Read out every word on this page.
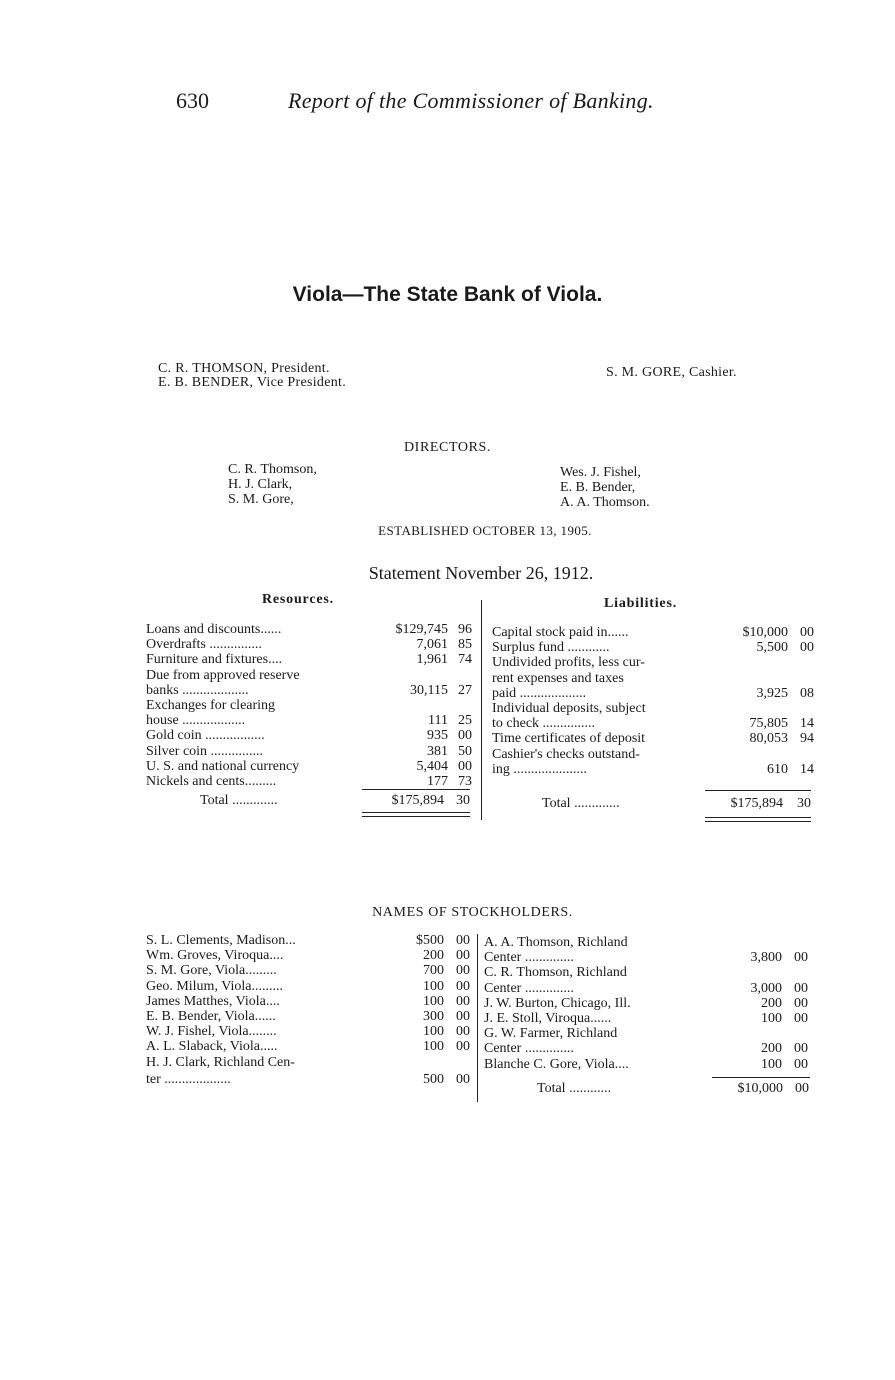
630	Report of the Commissioner of Banking.
Viola—The State Bank of Viola.
C. R. THOMSON, President.
E. B. BENDER, Vice President.
S. M. GORE, Cashier.
DIRECTORS.
C. R. Thomson,
H. J. Clark,
S. M. Gore,
Wes. J. Fishel,
E. B. Bender,
A. A. Thomson.
ESTABLISHED OCTOBER 13, 1905.
Statement November 26, 1912.
Resources.	Liabilities.
Loans and discounts......	$129,745 96
Overdrafts ...............	7,061 85
Furniture and fixtures....	1,961 74
Due from approved reserve
banks ...................	30,115 27
Exchanges for clearing
house ..................	111 25
Gold coin .................	935 00
Silver coin ...............	381 50
U. S. and national currency	5,404 00
Nickels and cents.........	177 73
Total .............	$175,894 30
Capital stock paid in......	$10,000 00
Surplus fund ............	5,500 00
Undivided profits, less cur-
rent expenses and taxes
paid ...................	3,925 08
Individual deposits, subject
to check ...............	75,805 14
Time certificates of deposit	80,053 94
Cashier's checks outstand-
ing .....................	610 14
Total .............	$175,894 30
NAMES OF STOCKHOLDERS.
S. L. Clements, Madison...	$500 00
Wm. Groves, Viroqua....	200 00
S. M. Gore, Viola.........	700 00
Geo. Milum, Viola.........	100 00
James Matthes, Viola....	100 00
E. B. Bender, Viola......	300 00
W. J. Fishel, Viola........	100 00
A. L. Slaback, Viola.....	100 00
H. J. Clark, Richland Cen-
ter ...................	500 00
A. A. Thomson, Richland
Center ..............	3,800 00
C. R. Thomson, Richland
Center ..............	3,000 00
J. W. Burton, Chicago, Ill.	200 00
J. E. Stoll, Viroqua......	100 00
G. W. Farmer, Richland
Center ..............	200 00
Blanche C. Gore, Viola....	100 00
Total ............	$10,000 00
